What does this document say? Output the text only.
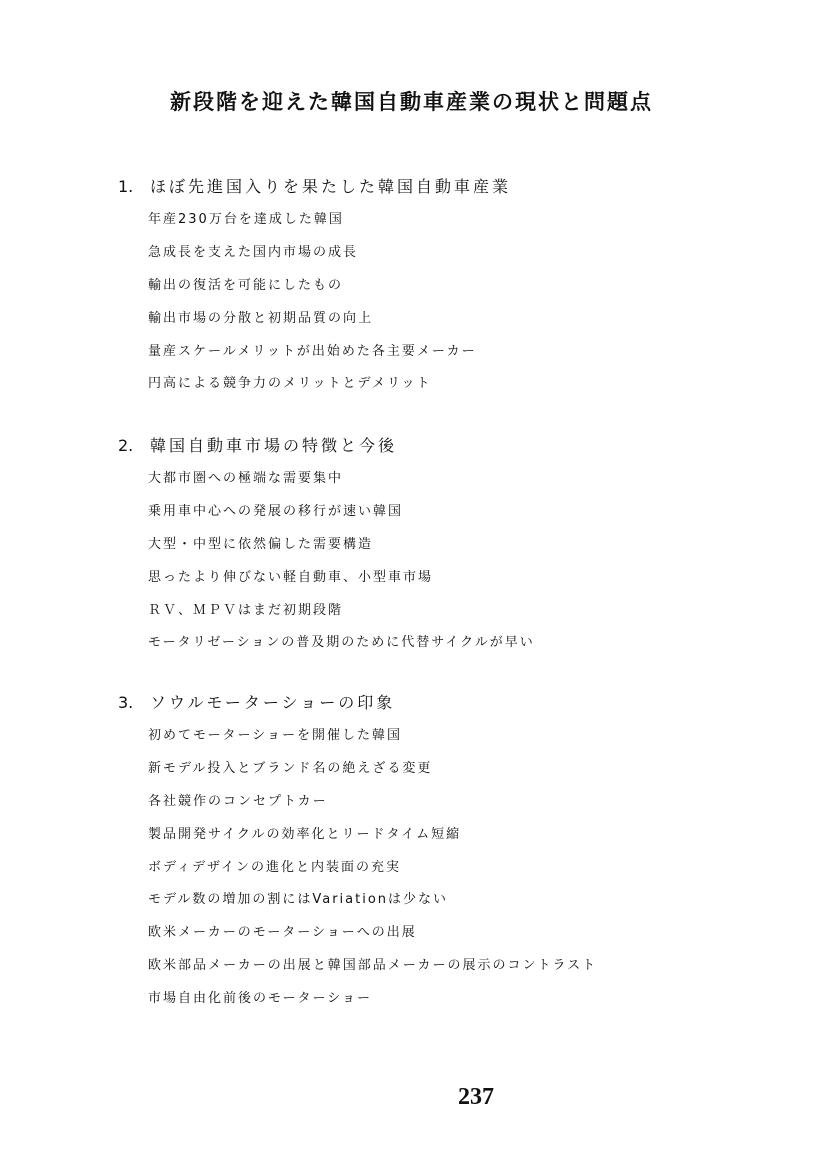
新段階を迎えた韓国自動車産業の現状と問題点
1. ほぼ先進国入りを果たした韓国自動車産業
年産230万台を達成した韓国
急成長を支えた国内市場の成長
輸出の復活を可能にしたもの
輸出市場の分散と初期品質の向上
量産スケールメリットが出始めた各主要メーカー
円高による競争力のメリットとデメリット
2. 韓国自動車市場の特徴と今後
大都市圏への極端な需要集中
乗用車中心への発展の移行が速い韓国
大型・中型に依然偏した需要構造
思ったより伸びない軽自動車、小型車市場
ＲＶ、ＭＰＶはまだ初期段階
モータリゼーションの普及期のために代替サイクルが早い
3. ソウルモーターショーの印象
初めてモーターショーを開催した韓国
新モデル投入とブランド名の絶えざる変更
各社競作のコンセプトカー
製品開発サイクルの効率化とリードタイム短縮
ボディデザインの進化と内装面の充実
モデル数の増加の割にはVariationは少ない
欧米メーカーのモーターショーへの出展
欧米部品メーカーの出展と韓国部品メーカーの展示のコントラスト
市場自由化前後のモーターショー
237
